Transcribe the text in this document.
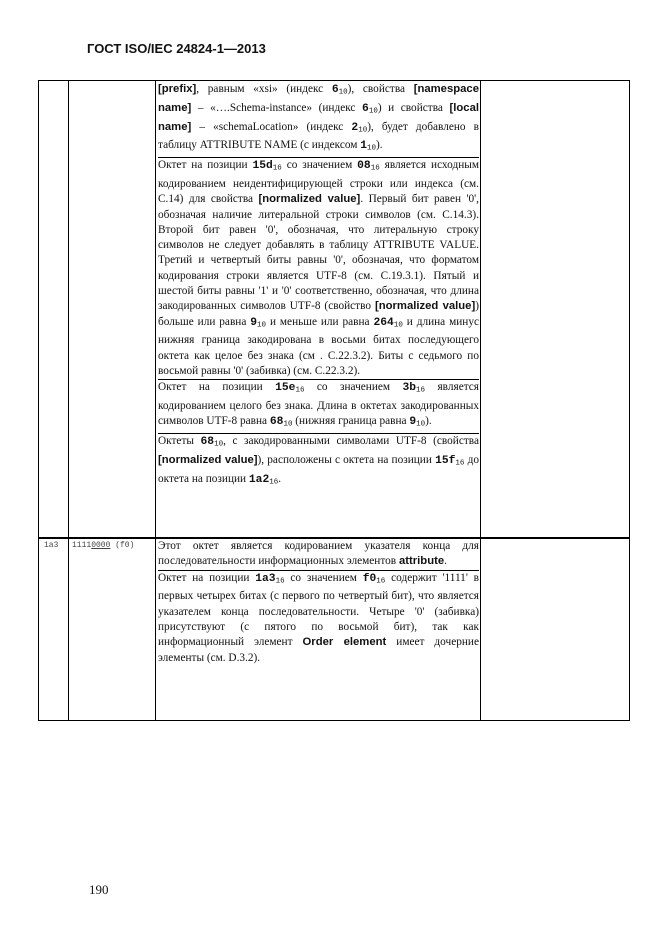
ГОСТ ISO/IEC 24824-1—2013

[prefix], равным «xsi» (индекс $6_{10}$), свойства [namespace name] – «….Schema-instance» (индекс $6_{10}$) и свойства [local name] – «schemaLocation» (индекс $2_{10}$), будет добавлено в таблицу ATTRIBUTE NAME (с индексом $1_{10}$).

Октет на позиции $15d_{16}$ со значением $08_{16}$ является исходным кодированием неидентифицирующей строки или индекса (см. С.14) для свойства [normalized value]. Первый бит равен '0', обозначая наличие литеральной строки символов (см. С.14.3). Второй бит равен '0', обозначая, что литеральную строку символов не следует добавлять в таблицу ATTRIBUTE VALUE. Третий и четвертый биты равны '0', обозначая, что форматом кодирования строки является UTF-8 (см. С.19.3.1). Пятый и шестой биты равны '1' и '0' соответственно, обозначая, что длина закодированных символов UTF-8 (свойство [normalized value]) больше или равна $9_{10}$ и меньше или равна $264_{10}$ и длина минус нижняя граница закодирована в восьми битах последующего октета как целое без знака (см . С.22.3.2). Биты с седьмого по восьмой равны '0' (забивка) (см. С.22.3.2).

Октет на позиции $15e_{16}$ со значением $3b_{16}$ является кодированием целого без знака. Длина в октетах закодированных символов UTF-8 равна $68_{10}$ (нижняя граница равна $9_{10}$).

Октеты $68_{10}$, с закодированными символами UTF-8 (свойства [normalized value]), расположены с октета на позиции $15f_{16}$ до октета на позиции $1a2_{16}$.

1a3 11110000 (f0) Этот октет является кодированием указателя конца для последовательности информационных элементов attribute.

Октет на позиции $1a3_{16}$ со значением $f0_{16}$ содержит '1111' в первых четырех битах (с первого по четвертый бит), что является указателем конца последовательности. Четыре '0' (забивка) присутствуют (с пятого по восьмой бит), так как информационный элемент Order element имеет дочерние элементы (см. D.3.2).

190
